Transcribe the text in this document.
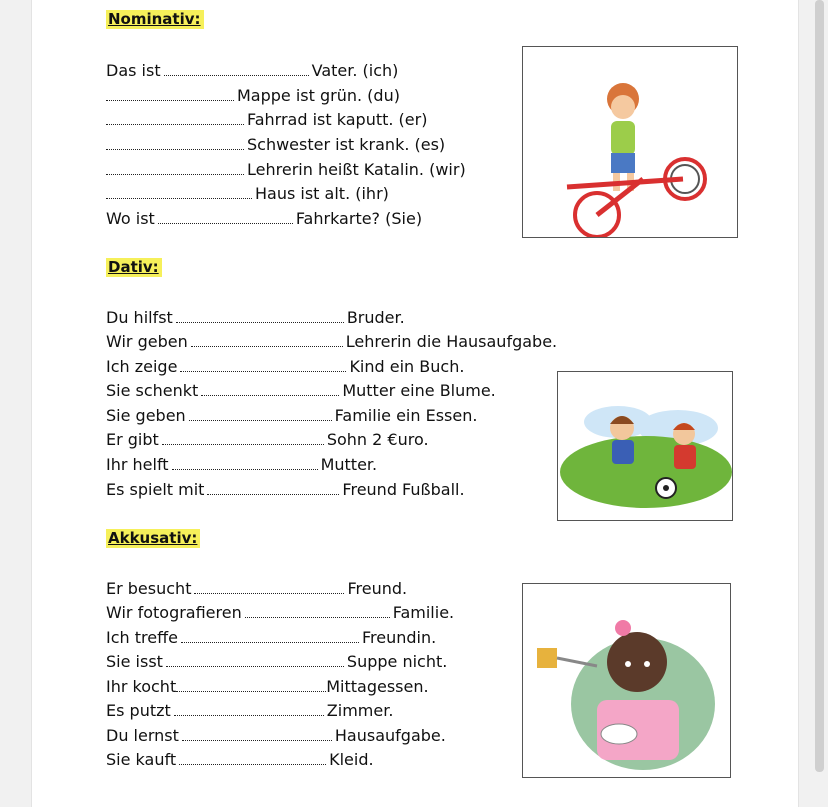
Nominativ:
Das ist	Vater. (ich)
Mappe ist grün. (du)
Fahrrad ist kaputt. (er)
Schwester ist krank. (es)
Lehrerin heißt Katalin. (wir)
Haus ist alt. (ihr)
Wo ist	Fahrkarte? (Sie)
Dativ:
Du hilfst	Bruder.
Wir geben	Lehrerin die Hausaufgabe.
Ich zeige	Kind ein Buch.
Sie schenkt	Mutter eine Blume.
Sie geben	Familie ein Essen.
Er gibt	Sohn 2 €uro.
Ihr helft	Mutter.
Es spielt mit	Freund Fußball.
Akkusativ:
Er besucht	Freund.
Wir fotografieren	Familie.
Ich treffe	Freundin.
Sie isst	Suppe nicht.
Ihr kocht	Mittagessen.
Es putzt	Zimmer.
Du lernst	Hausaufgabe.
Sie kauft	Kleid.
